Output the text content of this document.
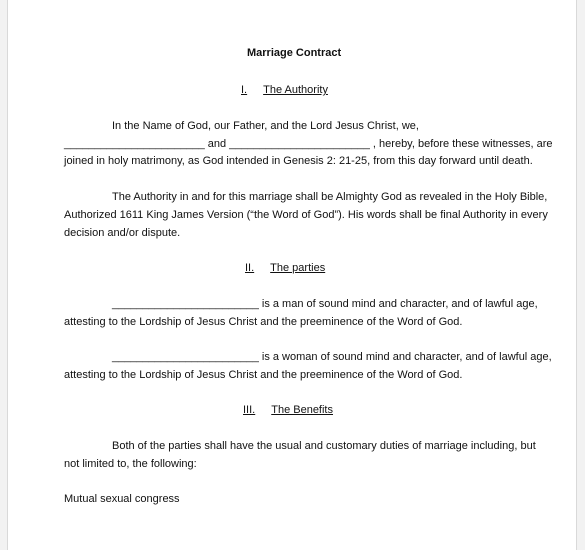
Marriage Contract
I. The Authority
In the Name of God, our Father, and the Lord Jesus Christ, we,
_______________________ and _______________________ , hereby, before these witnesses, are
joined in holy matrimony, as God intended in Genesis 2: 21-25, from this day forward until death.
The Authority in and for this marriage shall be Almighty God as revealed in the Holy Bible,
Authorized 1611 King James Version (“the Word of God”). His words shall be final Authority in every
decision and/or dispute.
II. The parties
________________________ is a man of sound mind and character, and of lawful age,
attesting to the Lordship of Jesus Christ and the preeminence of the Word of God.
________________________ is a woman of sound mind and character, and of lawful age,
attesting to the Lordship of Jesus Christ and the preeminence of the Word of God.
III. The Benefits
Both of the parties shall have the usual and customary duties of marriage including, but
not limited to, the following:
Mutual sexual congress
